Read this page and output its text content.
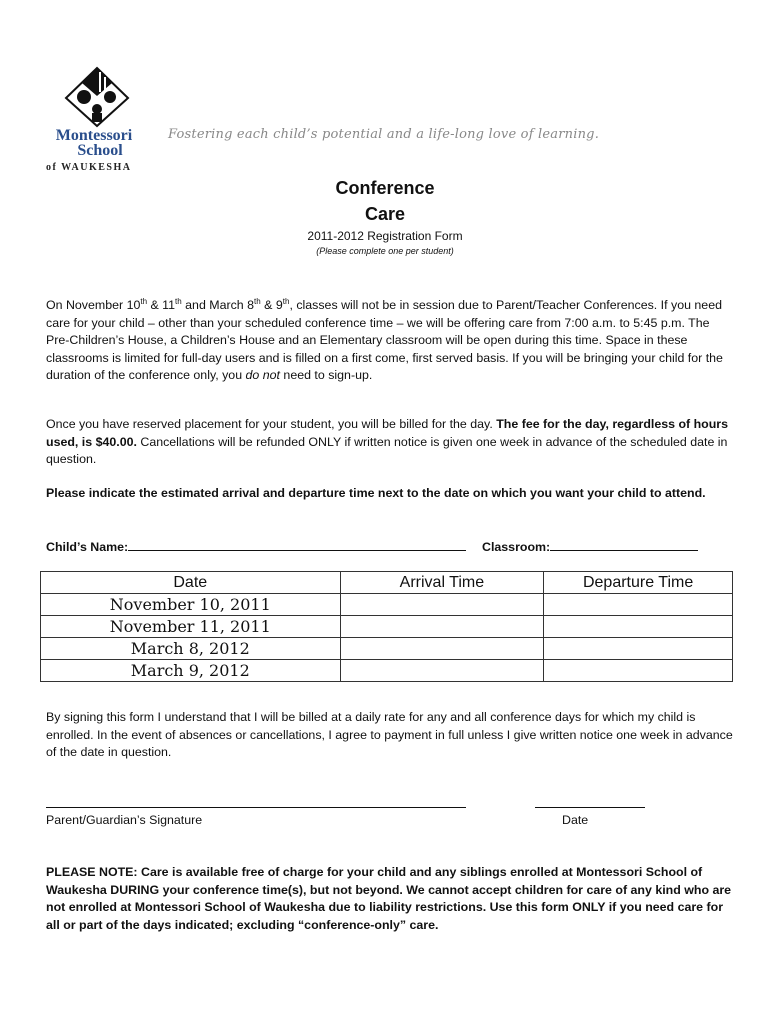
Montessori
School
of WAUKESHA
Fostering each child’s potential and a life-long love of learning.
Conference
Care
2011-2012 Registration Form
(Please complete one per student)
On November 10th & 11th and March 8th & 9th, classes will not be in session due to Parent/Teacher Conferences. If you need care for your child – other than your scheduled conference time – we will be offering care from 7:00 a.m. to 5:45 p.m. The Pre-Children’s House, a Children’s House and an Elementary classroom will be open during this time. Space in these classrooms is limited for full-day users and is filled on a first come, first served basis. If you will be bringing your child for the duration of the conference only, you do not need to sign-up.
Once you have reserved placement for your student, you will be billed for the day. The fee for the day, regardless of hours used, is $40.00. Cancellations will be refunded ONLY if written notice is given one week in advance of the scheduled date in question.
Please indicate the estimated arrival and departure time next to the date on which you want your child to attend.
Child’s Name:	Classroom:
Date	Arrival Time	Departure Time
November 10, 2011		
November 11, 2011		
March 8, 2012		
March 9, 2012		
By signing this form I understand that I will be billed at a daily rate for any and all conference days for which my child is enrolled. In the event of absences or cancellations, I agree to payment in full unless I give written notice one week in advance of the date in question.
Parent/Guardian’s Signature	Date
PLEASE NOTE: Care is available free of charge for your child and any siblings enrolled at Montessori School of Waukesha DURING your conference time(s), but not beyond. We cannot accept children for care of any kind who are not enrolled at Montessori School of Waukesha due to liability restrictions. Use this form ONLY if you need care for all or part of the days indicated; excluding “conference-only” care.
